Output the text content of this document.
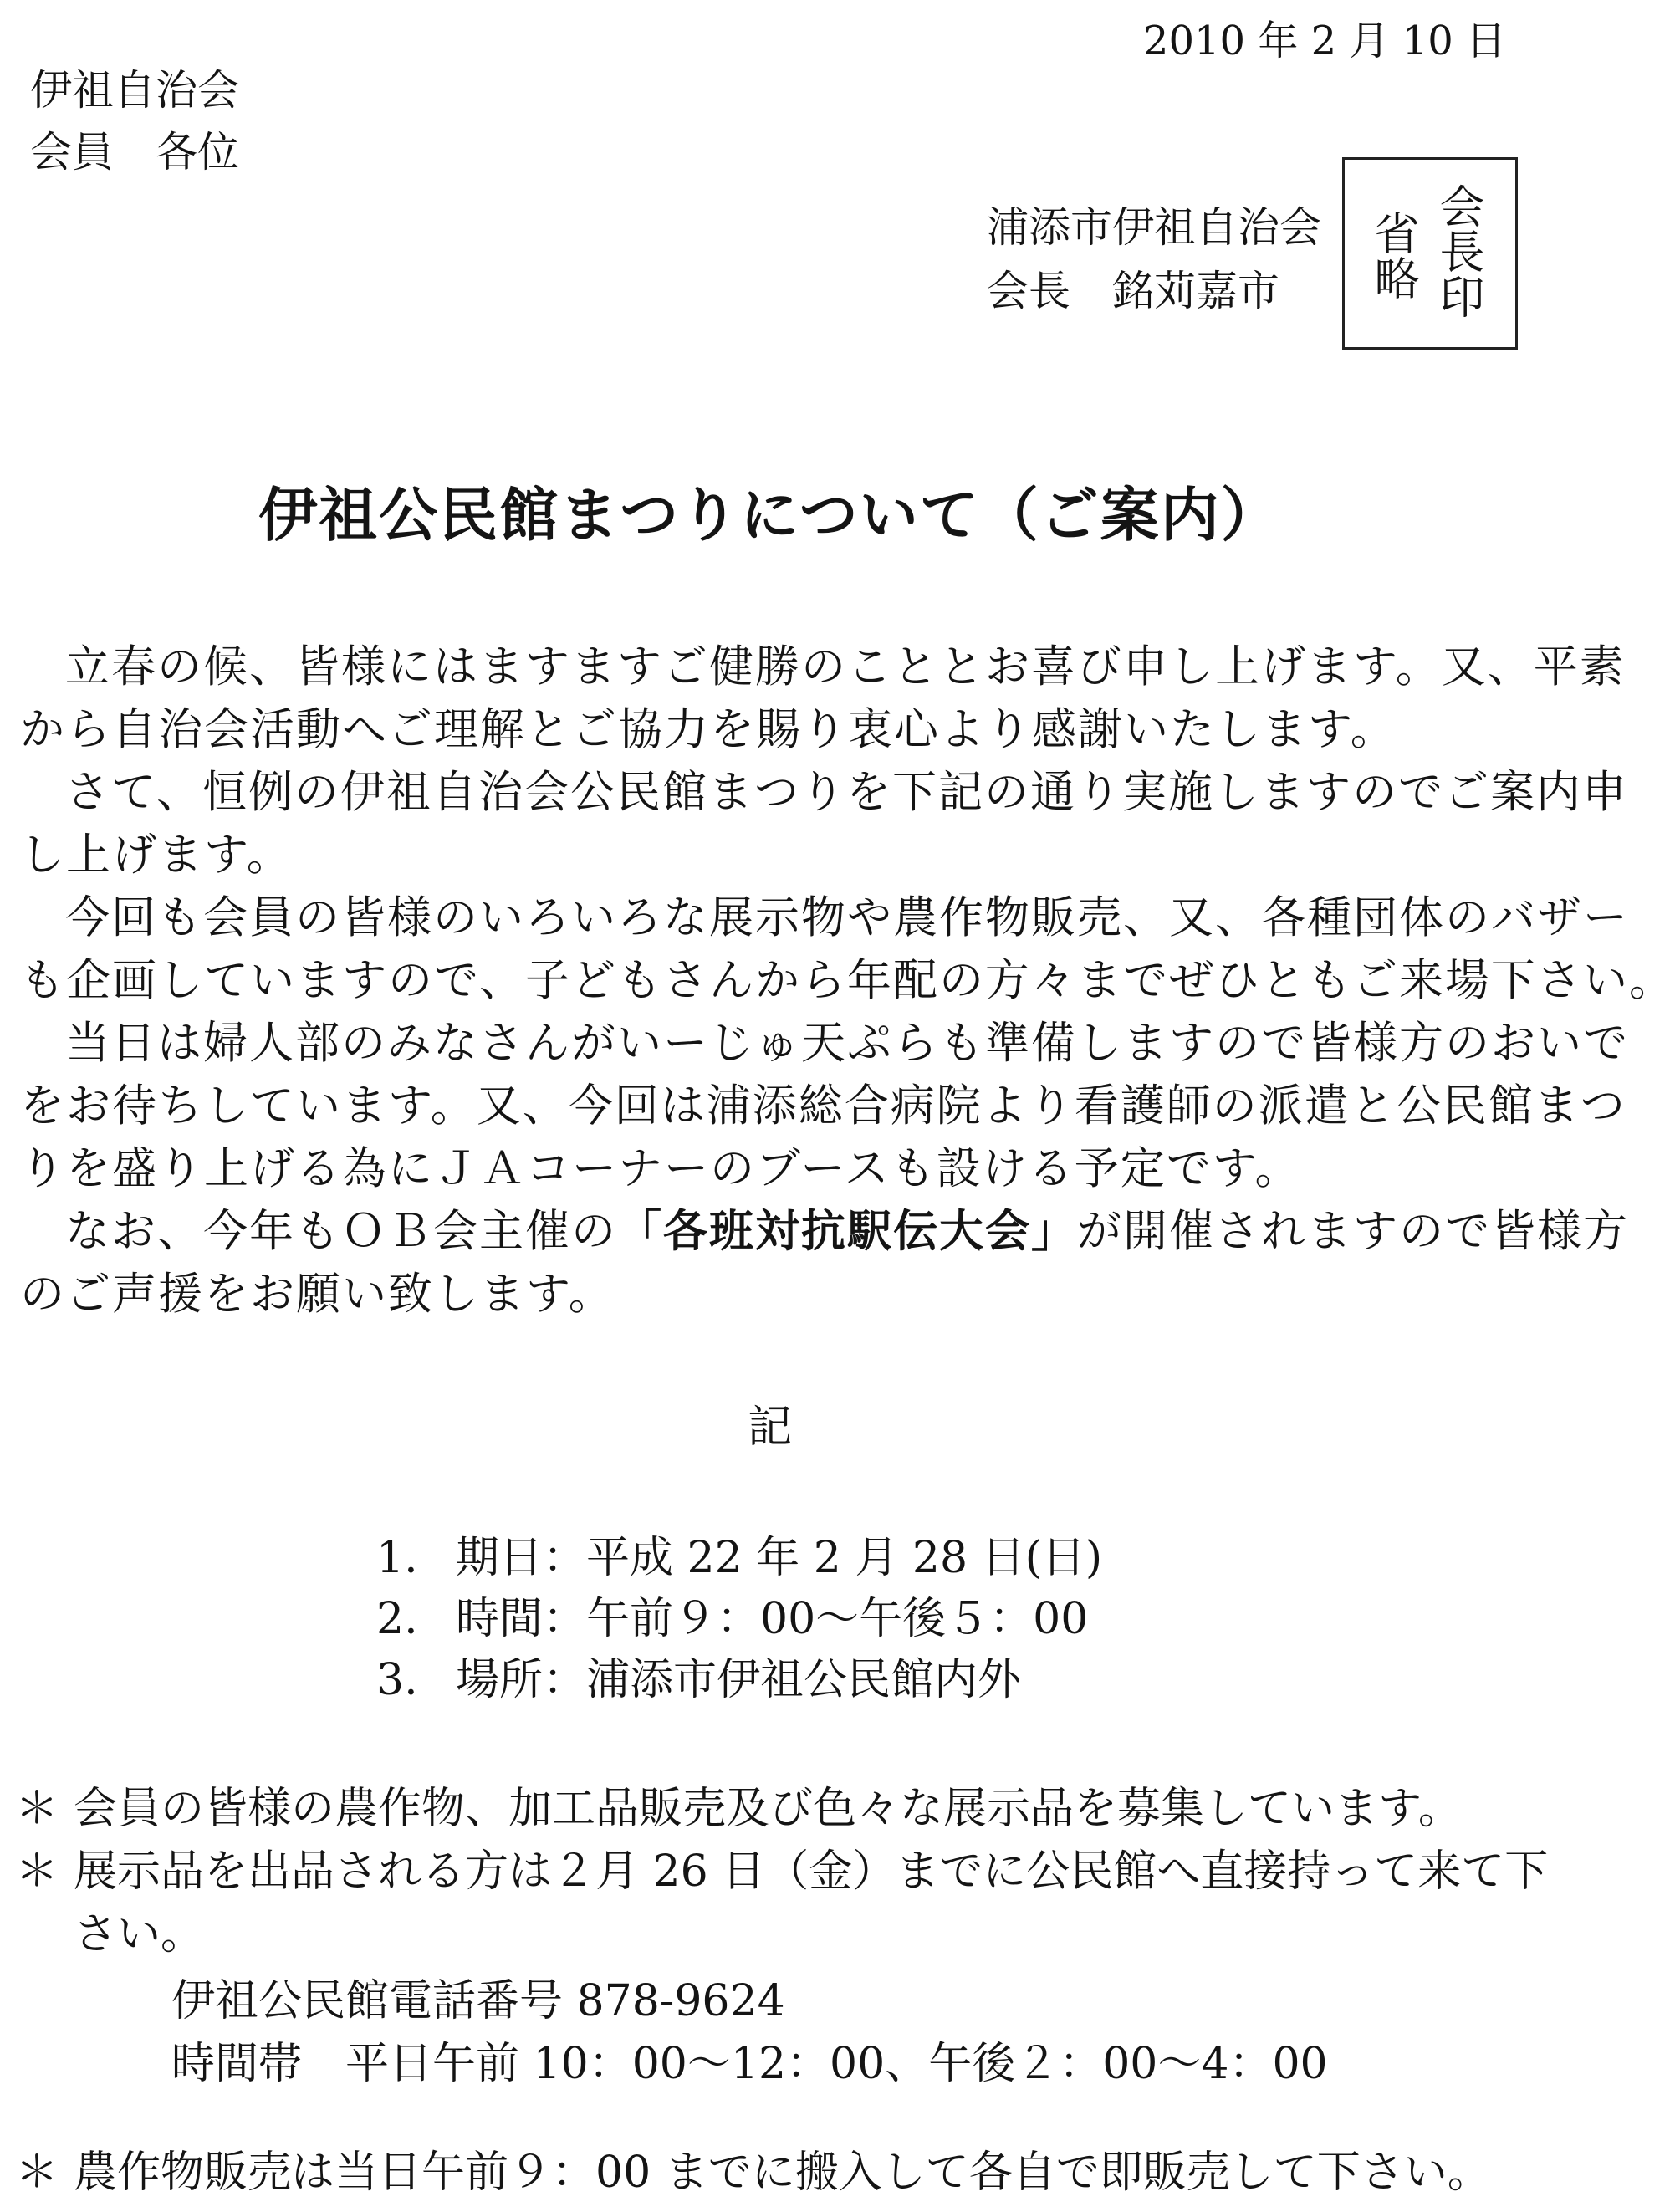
2010 年 2 月 10 日
伊祖自治会
会員　各位
浦添市伊祖自治会
会長　銘苅嘉市 省略 会長印
伊祖公民館まつりについて（ご案内）
立春の候、皆様にはますますご健勝のこととお喜び申し上げます。又、平素
から自治会活動へご理解とご協力を賜り衷心より感謝いたします。
さて、恒例の伊祖自治会公民館まつりを下記の通り実施しますのでご案内申
し上げます。
今回も会員の皆様のいろいろな展示物や農作物販売、又、各種団体のバザー
も企画していますので、子どもさんから年配の方々までぜひともご来場下さい。
当日は婦人部のみなさんがいーじゅ天ぷらも準備しますので皆様方のおいで
をお待ちしています。又、今回は浦添総合病院より看護師の派遣と公民館まつ
りを盛り上げる為にＪＡコーナーのブースも設ける予定です。
なお、今年もＯＢ会主催の「各班対抗駅伝大会」が開催されますので皆様方
のご声援をお願い致します。
記
1. 期日：平成 22 年 2 月 28 日(日)
2. 時間：午前９：00～午後５：00
3. 場所：浦添市伊祖公民館内外
＊ 会員の皆様の農作物、加工品販売及び色々な展示品を募集しています。
＊ 展示品を出品される方は２月 26 日（金）までに公民館へ直接持って来て下
さい。
伊祖公民館電話番号 878-9624
時間帯　平日午前 10：00～12：00、午後２：00～4：00
＊ 農作物販売は当日午前９：00 までに搬入して各自で即販売して下さい。
